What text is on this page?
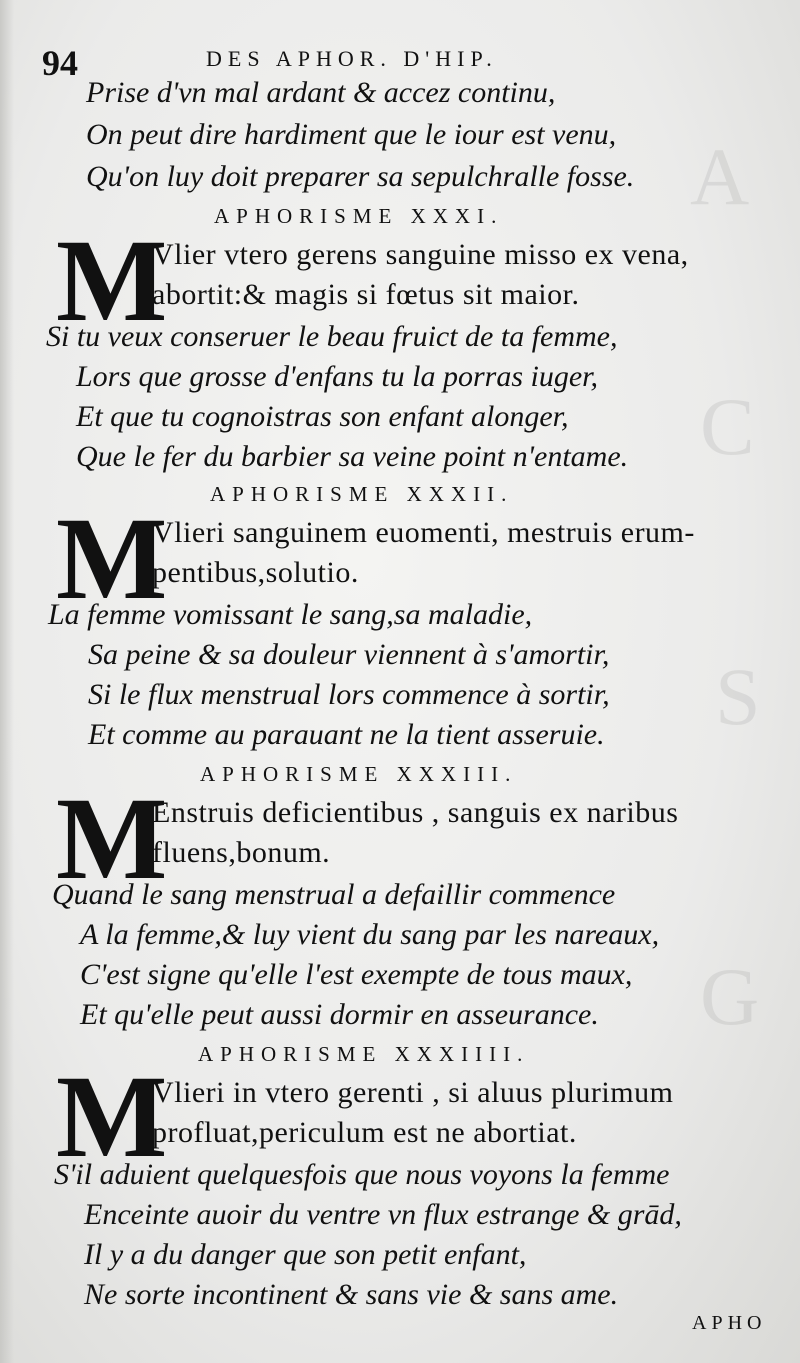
A
C
S
G
94	DES APHOR. D'HIP.
Prise d'vn mal ardant & accez continu,
On peut dire hardiment que le iour est venu,
Qu'on luy doit preparer sa sepulchralle fosse.
APHORISME XXXI.
M
Vlier vtero gerens sanguine misso ex vena,
abortit:& magis si fœtus sit maior.
Si tu veux conseruer le beau fruict de ta femme,
Lors que grosse d'enfans tu la porras iuger,
Et que tu cognoistras son enfant alonger,
Que le fer du barbier sa veine point n'entame.
APHORISME XXXII.
M
Vlieri sanguinem euomenti, mestruis erum-
pentibus,solutio.
La femme vomissant le sang,sa maladie,
Sa peine & sa douleur viennent à s'amortir,
Si le flux menstrual lors commence à sortir,
Et comme au parauant ne la tient asseruie.
APHORISME XXXIII.
M
Enstruis deficientibus , sanguis ex naribus
fluens,bonum.
Quand le sang menstrual a defaillir commence
A la femme,& luy vient du sang par les nareaux,
C'est signe qu'elle l'est exempte de tous maux,
Et qu'elle peut aussi dormir en asseurance.
APHORISME XXXIIII.
M
Vlieri in vtero gerenti , si aluus plurimum
profluat,periculum est ne abortiat.
S'il aduient quelquesfois que nous voyons la femme
Enceinte auoir du ventre vn flux estrange & grād,
Il y a du danger que son petit enfant,
Ne sorte incontinent & sans vie & sans ame.
APHO
